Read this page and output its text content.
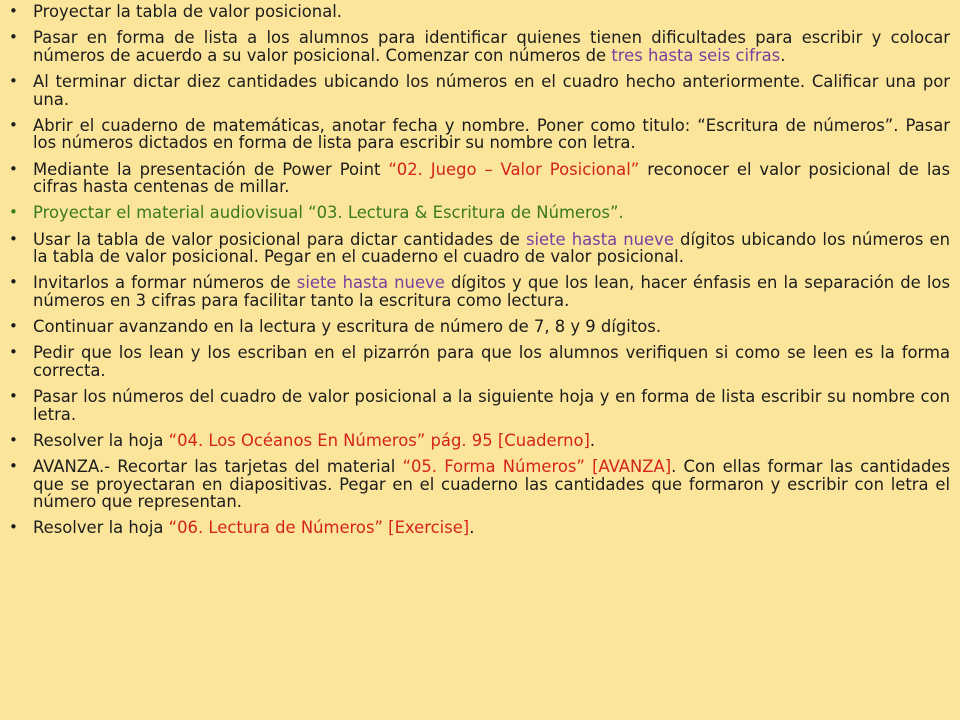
• Proyectar la tabla de valor posicional.
• Pasar en forma de lista a los alumnos para identificar quienes tienen dificultades para escribir y colocar números de acuerdo a su valor posicional. Comenzar con números de tres hasta seis cifras.
• Al terminar dictar diez cantidades ubicando los números en el cuadro hecho anteriormente. Calificar una por una.
• Abrir el cuaderno de matemáticas, anotar fecha y nombre. Poner como titulo: “Escritura de números”. Pasar los números dictados en forma de lista para escribir su nombre con letra.
• Mediante la presentación de Power Point “02. Juego – Valor Posicional” reconocer el valor posicional de las cifras hasta centenas de millar.
• Proyectar el material audiovisual “03. Lectura & Escritura de Números”.
• Usar la tabla de valor posicional para dictar cantidades de siete hasta nueve dígitos ubicando los números en la tabla de valor posicional. Pegar en el cuaderno el cuadro de valor posicional.
• Invitarlos a formar números de siete hasta nueve dígitos y que los lean, hacer énfasis en la separación de los números en 3 cifras para facilitar tanto la escritura como lectura.
• Continuar avanzando en la lectura y escritura de número de 7, 8 y 9 dígitos.
• Pedir que los lean y los escriban en el pizarrón para que los alumnos verifiquen si como se leen es la forma correcta.
• Pasar los números del cuadro de valor posicional a la siguiente hoja y en forma de lista escribir su nombre con letra.
• Resolver la hoja “04. Los Océanos En Números” pág. 95 [Cuaderno].
• AVANZA.- Recortar las tarjetas del material “05. Forma Números” [AVANZA]. Con ellas formar las cantidades que se proyectaran en diapositivas. Pegar en el cuaderno las cantidades que formaron y escribir con letra el número que representan.
• Resolver la hoja “06. Lectura de Números” [Exercise].
